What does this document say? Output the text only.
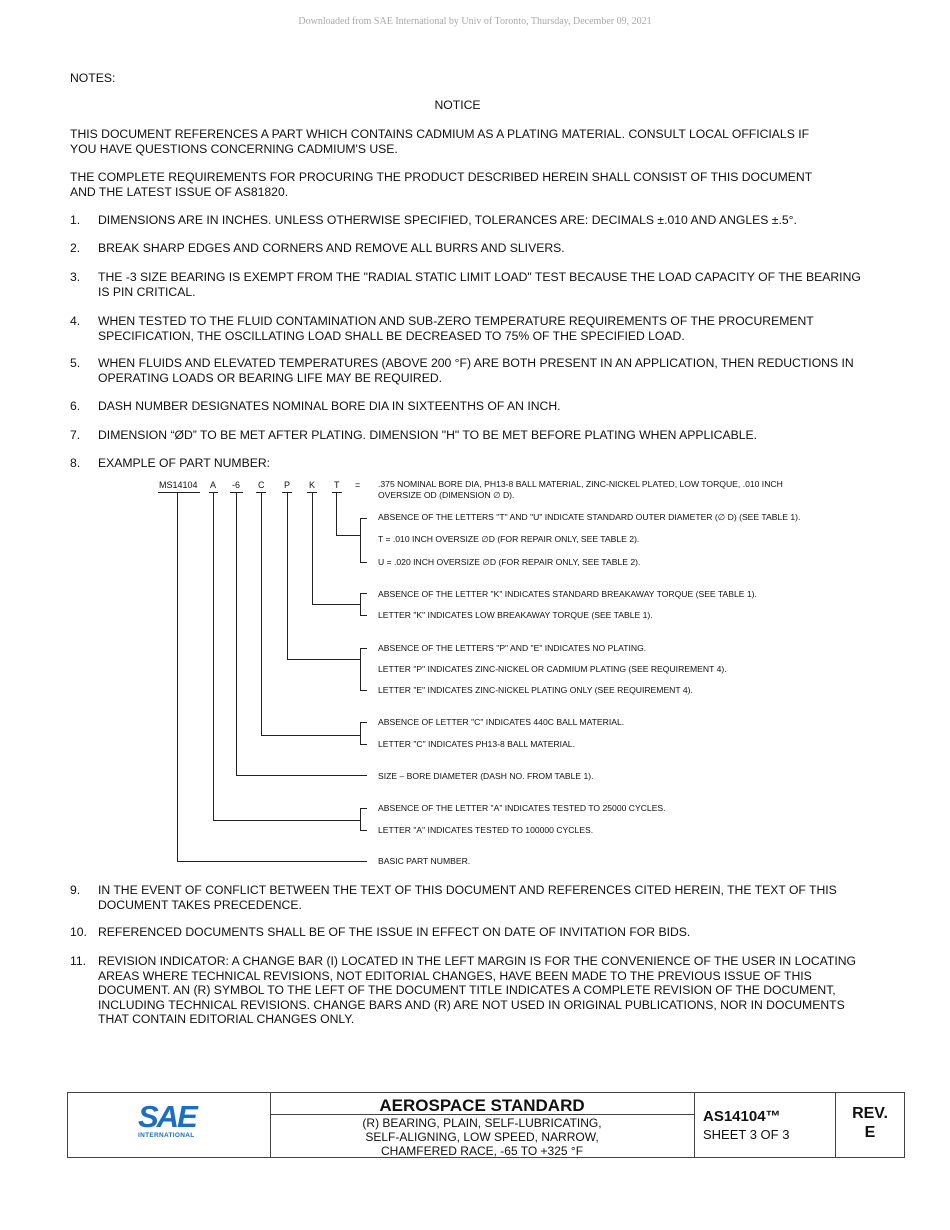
Downloaded from SAE International by Univ of Toronto, Thursday, December 09, 2021
NOTES:
NOTICE
THIS DOCUMENT REFERENCES A PART WHICH CONTAINS CADMIUM AS A PLATING MATERIAL. CONSULT LOCAL OFFICIALS IF
YOU HAVE QUESTIONS CONCERNING CADMIUM'S USE.
THE COMPLETE REQUIREMENTS FOR PROCURING THE PRODUCT DESCRIBED HEREIN SHALL CONSIST OF THIS DOCUMENT
AND THE LATEST ISSUE OF AS81820.
1. DIMENSIONS ARE IN INCHES. UNLESS OTHERWISE SPECIFIED, TOLERANCES ARE: DECIMALS ±.010 AND ANGLES ±.5°.
2. BREAK SHARP EDGES AND CORNERS AND REMOVE ALL BURRS AND SLIVERS.
3. THE -3 SIZE BEARING IS EXEMPT FROM THE "RADIAL STATIC LIMIT LOAD" TEST BECAUSE THE LOAD CAPACITY OF THE BEARING
IS PIN CRITICAL.
4. WHEN TESTED TO THE FLUID CONTAMINATION AND SUB-ZERO TEMPERATURE REQUIREMENTS OF THE PROCUREMENT
SPECIFICATION, THE OSCILLATING LOAD SHALL BE DECREASED TO 75% OF THE SPECIFIED LOAD.
5. WHEN FLUIDS AND ELEVATED TEMPERATURES (ABOVE 200 °F) ARE BOTH PRESENT IN AN APPLICATION, THEN REDUCTIONS IN
OPERATING LOADS OR BEARING LIFE MAY BE REQUIRED.
6. DASH NUMBER DESIGNATES NOMINAL BORE DIA IN SIXTEENTHS OF AN INCH.
7. DIMENSION “ØD” TO BE MET AFTER PLATING. DIMENSION "H" TO BE MET BEFORE PLATING WHEN APPLICABLE.
8. EXAMPLE OF PART NUMBER:
MS14104 A -6 C P K T = .375 NOMINAL BORE DIA, PH13-8 BALL MATERIAL, ZINC-NICKEL PLATED, LOW TORQUE, .010 INCH
OVERSIZE OD (DIMENSION ∅ D).
ABSENCE OF THE LETTERS "T" AND "U" INDICATE STANDARD OUTER DIAMETER (∅ D) (SEE TABLE 1).
T = .010 INCH OVERSIZE ∅D (FOR REPAIR ONLY, SEE TABLE 2).
U = .020 INCH OVERSIZE ∅D (FOR REPAIR ONLY, SEE TABLE 2).
ABSENCE OF THE LETTER "K" INDICATES STANDARD BREAKAWAY TORQUE (SEE TABLE 1).
LETTER "K" INDICATES LOW BREAKAWAY TORQUE (SEE TABLE 1).
ABSENCE OF THE LETTERS "P" AND "E" INDICATES NO PLATING.
LETTER "P" INDICATES ZINC-NICKEL OR CADMIUM PLATING (SEE REQUIREMENT 4).
LETTER "E" INDICATES ZINC-NICKEL PLATING ONLY (SEE REQUIREMENT 4).
ABSENCE OF LETTER "C" INDICATES 440C BALL MATERIAL.
LETTER "C" INDICATES PH13-8 BALL MATERIAL.
SIZE – BORE DIAMETER (DASH NO. FROM TABLE 1).
ABSENCE OF THE LETTER "A" INDICATES TESTED TO 25000 CYCLES.
LETTER "A" INDICATES TESTED TO 100000 CYCLES.
BASIC PART NUMBER.
9. IN THE EVENT OF CONFLICT BETWEEN THE TEXT OF THIS DOCUMENT AND REFERENCES CITED HEREIN, THE TEXT OF THIS
DOCUMENT TAKES PRECEDENCE.
10. REFERENCED DOCUMENTS SHALL BE OF THE ISSUE IN EFFECT ON DATE OF INVITATION FOR BIDS.
11. REVISION INDICATOR: A CHANGE BAR (I) LOCATED IN THE LEFT MARGIN IS FOR THE CONVENIENCE OF THE USER IN LOCATING
AREAS WHERE TECHNICAL REVISIONS, NOT EDITORIAL CHANGES, HAVE BEEN MADE TO THE PREVIOUS ISSUE OF THIS
DOCUMENT. AN (R) SYMBOL TO THE LEFT OF THE DOCUMENT TITLE INDICATES A COMPLETE REVISION OF THE DOCUMENT,
INCLUDING TECHNICAL REVISIONS. CHANGE BARS AND (R) ARE NOT USED IN ORIGINAL PUBLICATIONS, NOR IN DOCUMENTS
THAT CONTAIN EDITORIAL CHANGES ONLY.
SAE
INTERNATIONAL
AEROSPACE STANDARD
(R) BEARING, PLAIN, SELF-LUBRICATING,
SELF-ALIGNING, LOW SPEED, NARROW,
CHAMFERED RACE, -65 TO +325 °F
AS14104™
SHEET 3 OF 3
REV.
E
